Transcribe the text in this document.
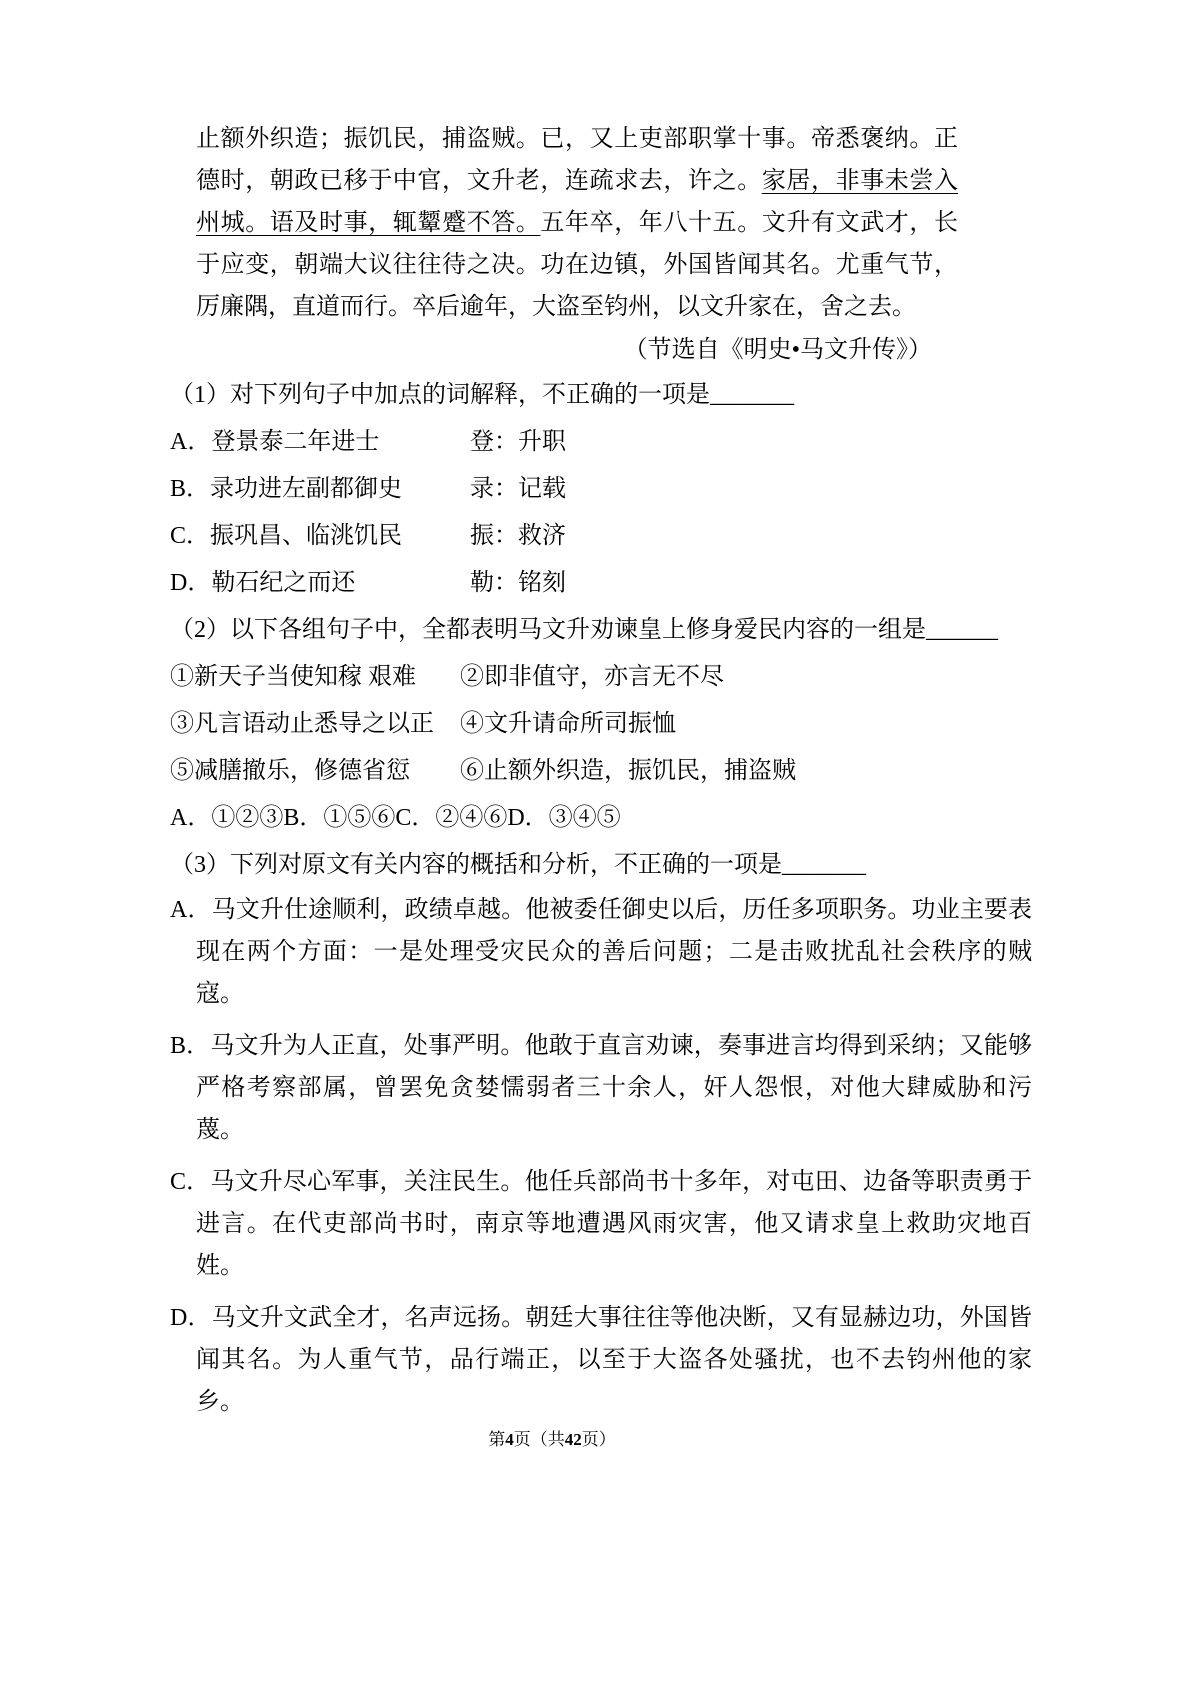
止额外织造；振饥民，捕盗贼。已，又上吏部职掌十事。帝悉褒纳。正德时，朝政已移于中官，文升老，连疏求去，许之。家居，非事未尝入州城。语及时事，辄颦蹙不答。五年卒，年八十五。文升有文武才，长于应变，朝端大议往往待之决。功在边镇，外国皆闻其名。尤重气节，厉廉隅，直道而行。卒后逾年，大盗至钧州，以文升家在，舍之去。

（节选自《明史•马文升传》）

（1）对下列句子中加点的词解释，不正确的一项是_______
A．登景泰二年进士	登：升职
B．录功进左副都御史	录：记载
C．振巩昌、临洮饥民	振：救济
D．勒石纪之而还	勒：铭刻
（2）以下各组句子中，全都表明马文升劝谏皇上修身爱民内容的一组是______
①新天子当使知稼 艰难 ②即非值守，亦言无不尽
③凡言语动止悉导之以正 ④文升请命所司振恤
⑤减膳撤乐，修德省愆 ⑥止额外织造，振饥民，捕盗贼
A．①②③B．①⑤⑥C．②④⑥D．③④⑤
（3）下列对原文有关内容的概括和分析，不正确的一项是_______
A．马文升仕途顺利，政绩卓越。他被委任御史以后，历任多项职务。功业主要表现在两个方面：一是处理受灾民众的善后问题；二是击败扰乱社会秩序的贼寇。
B．马文升为人正直，处事严明。他敢于直言劝谏，奏事进言均得到采纳；又能够严格考察部属，曾罢免贪婪懦弱者三十余人，奸人怨恨，对他大肆威胁和污蔑。
C．马文升尽心军事，关注民生。他任兵部尚书十多年，对屯田、边备等职责勇于进言。在代吏部尚书时，南京等地遭遇风雨灾害，他又请求皇上救助灾地百姓。
D．马文升文武全才，名声远扬。朝廷大事往往等他决断，又有显赫边功，外国皆闻其名。为人重气节，品行端正，以至于大盗各处骚扰，也不去钧州他的家乡。
第4页（共42页）
